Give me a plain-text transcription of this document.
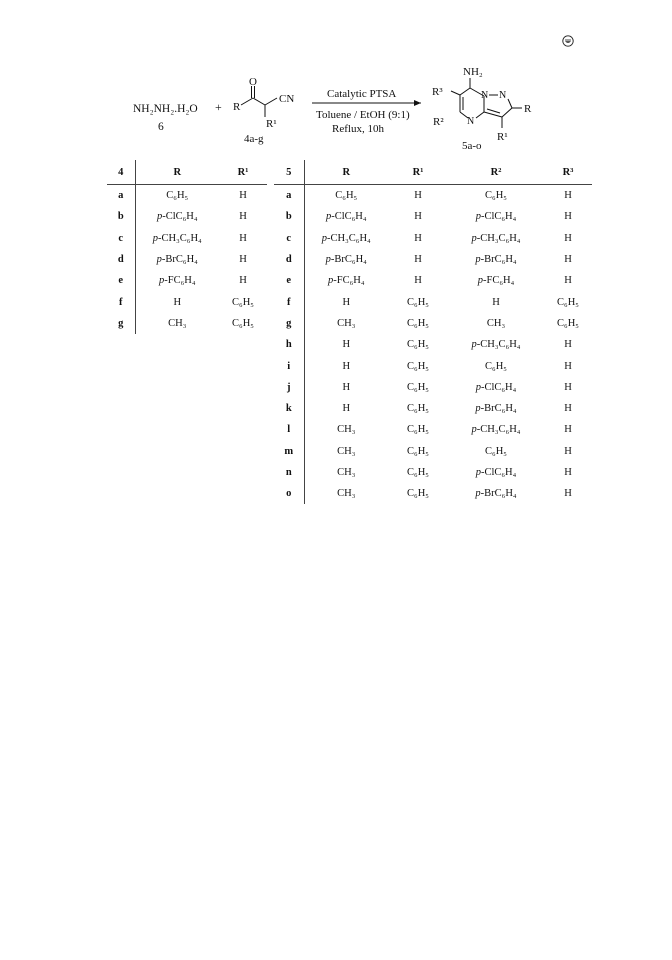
NH₂NH₂.H₂O
6
+
O
R
CN
R¹
4a-g
Catalytic PTSA
Toluene / EtOH (9:1)
Reflux, 10h
NH₂
R³
R²
N N
N
R
R¹
5a-o
4	R	R¹
a	C₆H₅	H
b	p-ClC₆H₄	H
c	p-CH₃C₆H₄	H
d	p-BrC₆H₄	H
e	p-FC₆H₄	H
f	H	C₆H₅
g	CH₃	C₆H₅
5	R	R¹	R²	R³
a	C₆H₅	H	C₆H₅	H
b	p-ClC₆H₄	H	p-ClC₆H₄	H
c	p-CH₃C₆H₄	H	p-CH₃C₆H₄	H
d	p-BrC₆H₄	H	p-BrC₆H₄	H
e	p-FC₆H₄	H	p-FC₆H₄	H
f	H	C₆H₅	H	C₆H₅
g	CH₃	C₆H₅	CH₃	C₆H₅
h	H	C₆H₅	p-CH₃C₆H₄	H
i	H	C₆H₅	C₆H₅	H
j	H	C₆H₅	p-ClC₆H₄	H
k	H	C₆H₅	p-BrC₆H₄	H
l	CH₃	C₆H₅	p-CH₃C₆H₄	H
m	CH₃	C₆H₅	C₆H₅	H
n	CH₃	C₆H₅	p-ClC₆H₄	H
o	CH₃	C₆H₅	p-BrC₆H₄	H
